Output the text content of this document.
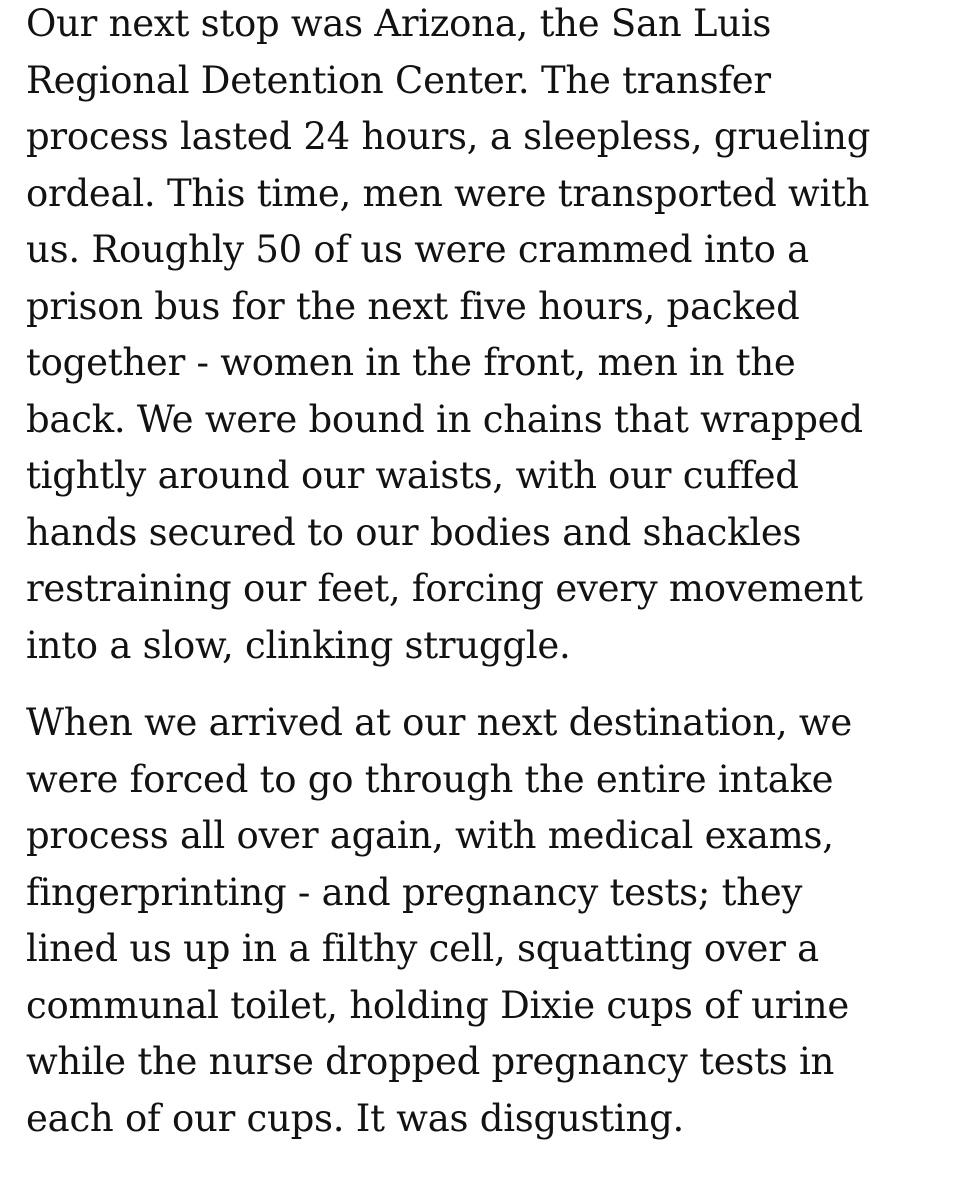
Our next stop was Arizona, the San Luis

Regional Detention Center. The transfer

process lasted 24 hours, a sleepless, grueling

ordeal. This time, men were transported with

us. Roughly 50 of us were crammed into a

prison bus for the next five hours, packed

together - women in the front, men in the

back. We were bound in chains that wrapped

tightly around our waists, with our cuffed

hands secured to our bodies and shackles

restraining our feet, forcing every movement

into a slow, clinking struggle.

When we arrived at our next destination, we

were forced to go through the entire intake

process all over again, with medical exams,

fingerprinting - and pregnancy tests; they

lined us up in a filthy cell, squatting over a

communal toilet, holding Dixie cups of urine

while the nurse dropped pregnancy tests in

each of our cups. It was disgusting.
